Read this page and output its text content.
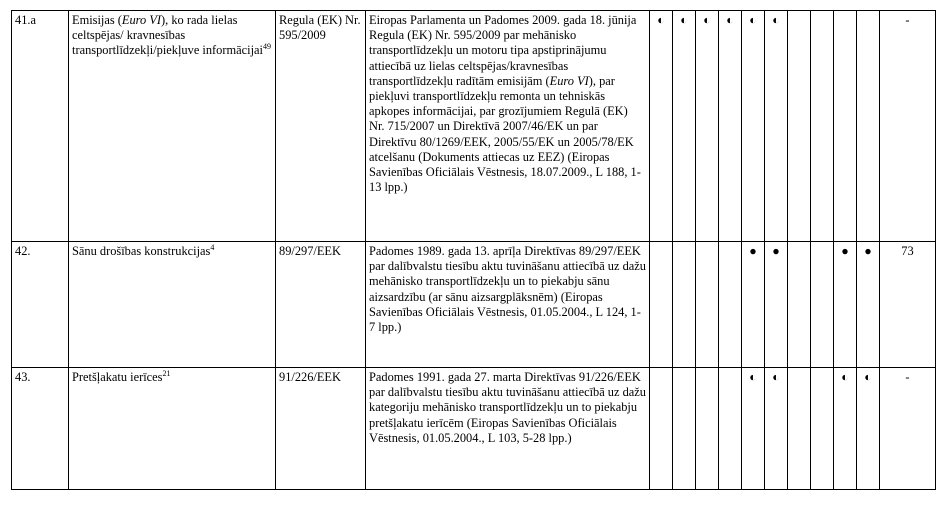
41.a	Emisijas (Euro VI), ko rada lielas celtspējas/ kravnesības transportlīdzekļi/piekļuve informācijai$^{49}$	Regula (EK) Nr. 595/2009	Eiropas Parlamenta un Padomes 2009. gada 18. jūnija Regula (EK) Nr. 595/2009 par mehānisko transportlīdzekļu un motoru tipa apstiprinājumu attiecībā uz lielas celtspējas/kravnesības transportlīdzekļu radītām emisijām (Euro VI), par piekļuvi transportlīdzekļu remonta un tehniskās apkopes informācijai, par grozījumiem Regulā (EK) Nr. 715/2007 un Direktīvā 2007/46/EK un par Direktīvu 80/1269/EEK, 2005/55/EK un 2005/78/EK atcelšanu (Dokuments attiecas uz EEZ) (Eiropas Savienības Oficiālais Vēstnesis, 18.07.2009., L 188, 1-13 lpp.)	◐	◐	◐	◐	◐	◐					-
42.	Sānu drošības konstrukcijas$^4$	89/297/EEK	Padomes 1989. gada 13. aprīļa Direktīvas 89/297/EEK par dalībvalstu tiesību aktu tuvināšanu attiecībā uz dažu mehānisko transportlīdzekļu un to piekabju sānu aizsardzību (ar sānu aizsargplāksnēm) (Eiropas Savienības Oficiālais Vēstnesis, 01.05.2004., L 124, 1-7 lpp.)					●	●			●	●	73
43.	Pretšļakatu ierīces$^{21}$	91/226/EEK	Padomes 1991. gada 27. marta Direktīvas 91/226/EEK par dalībvalstu tiesību aktu tuvināšanu attiecībā uz dažu kategoriju mehānisko transportlīdzekļu un to piekabju pretšļakatu ierīcēm (Eiropas Savienības Oficiālais Vēstnesis, 01.05.2004., L 103, 5-28 lpp.)					◐	◐			◐	◐	-
